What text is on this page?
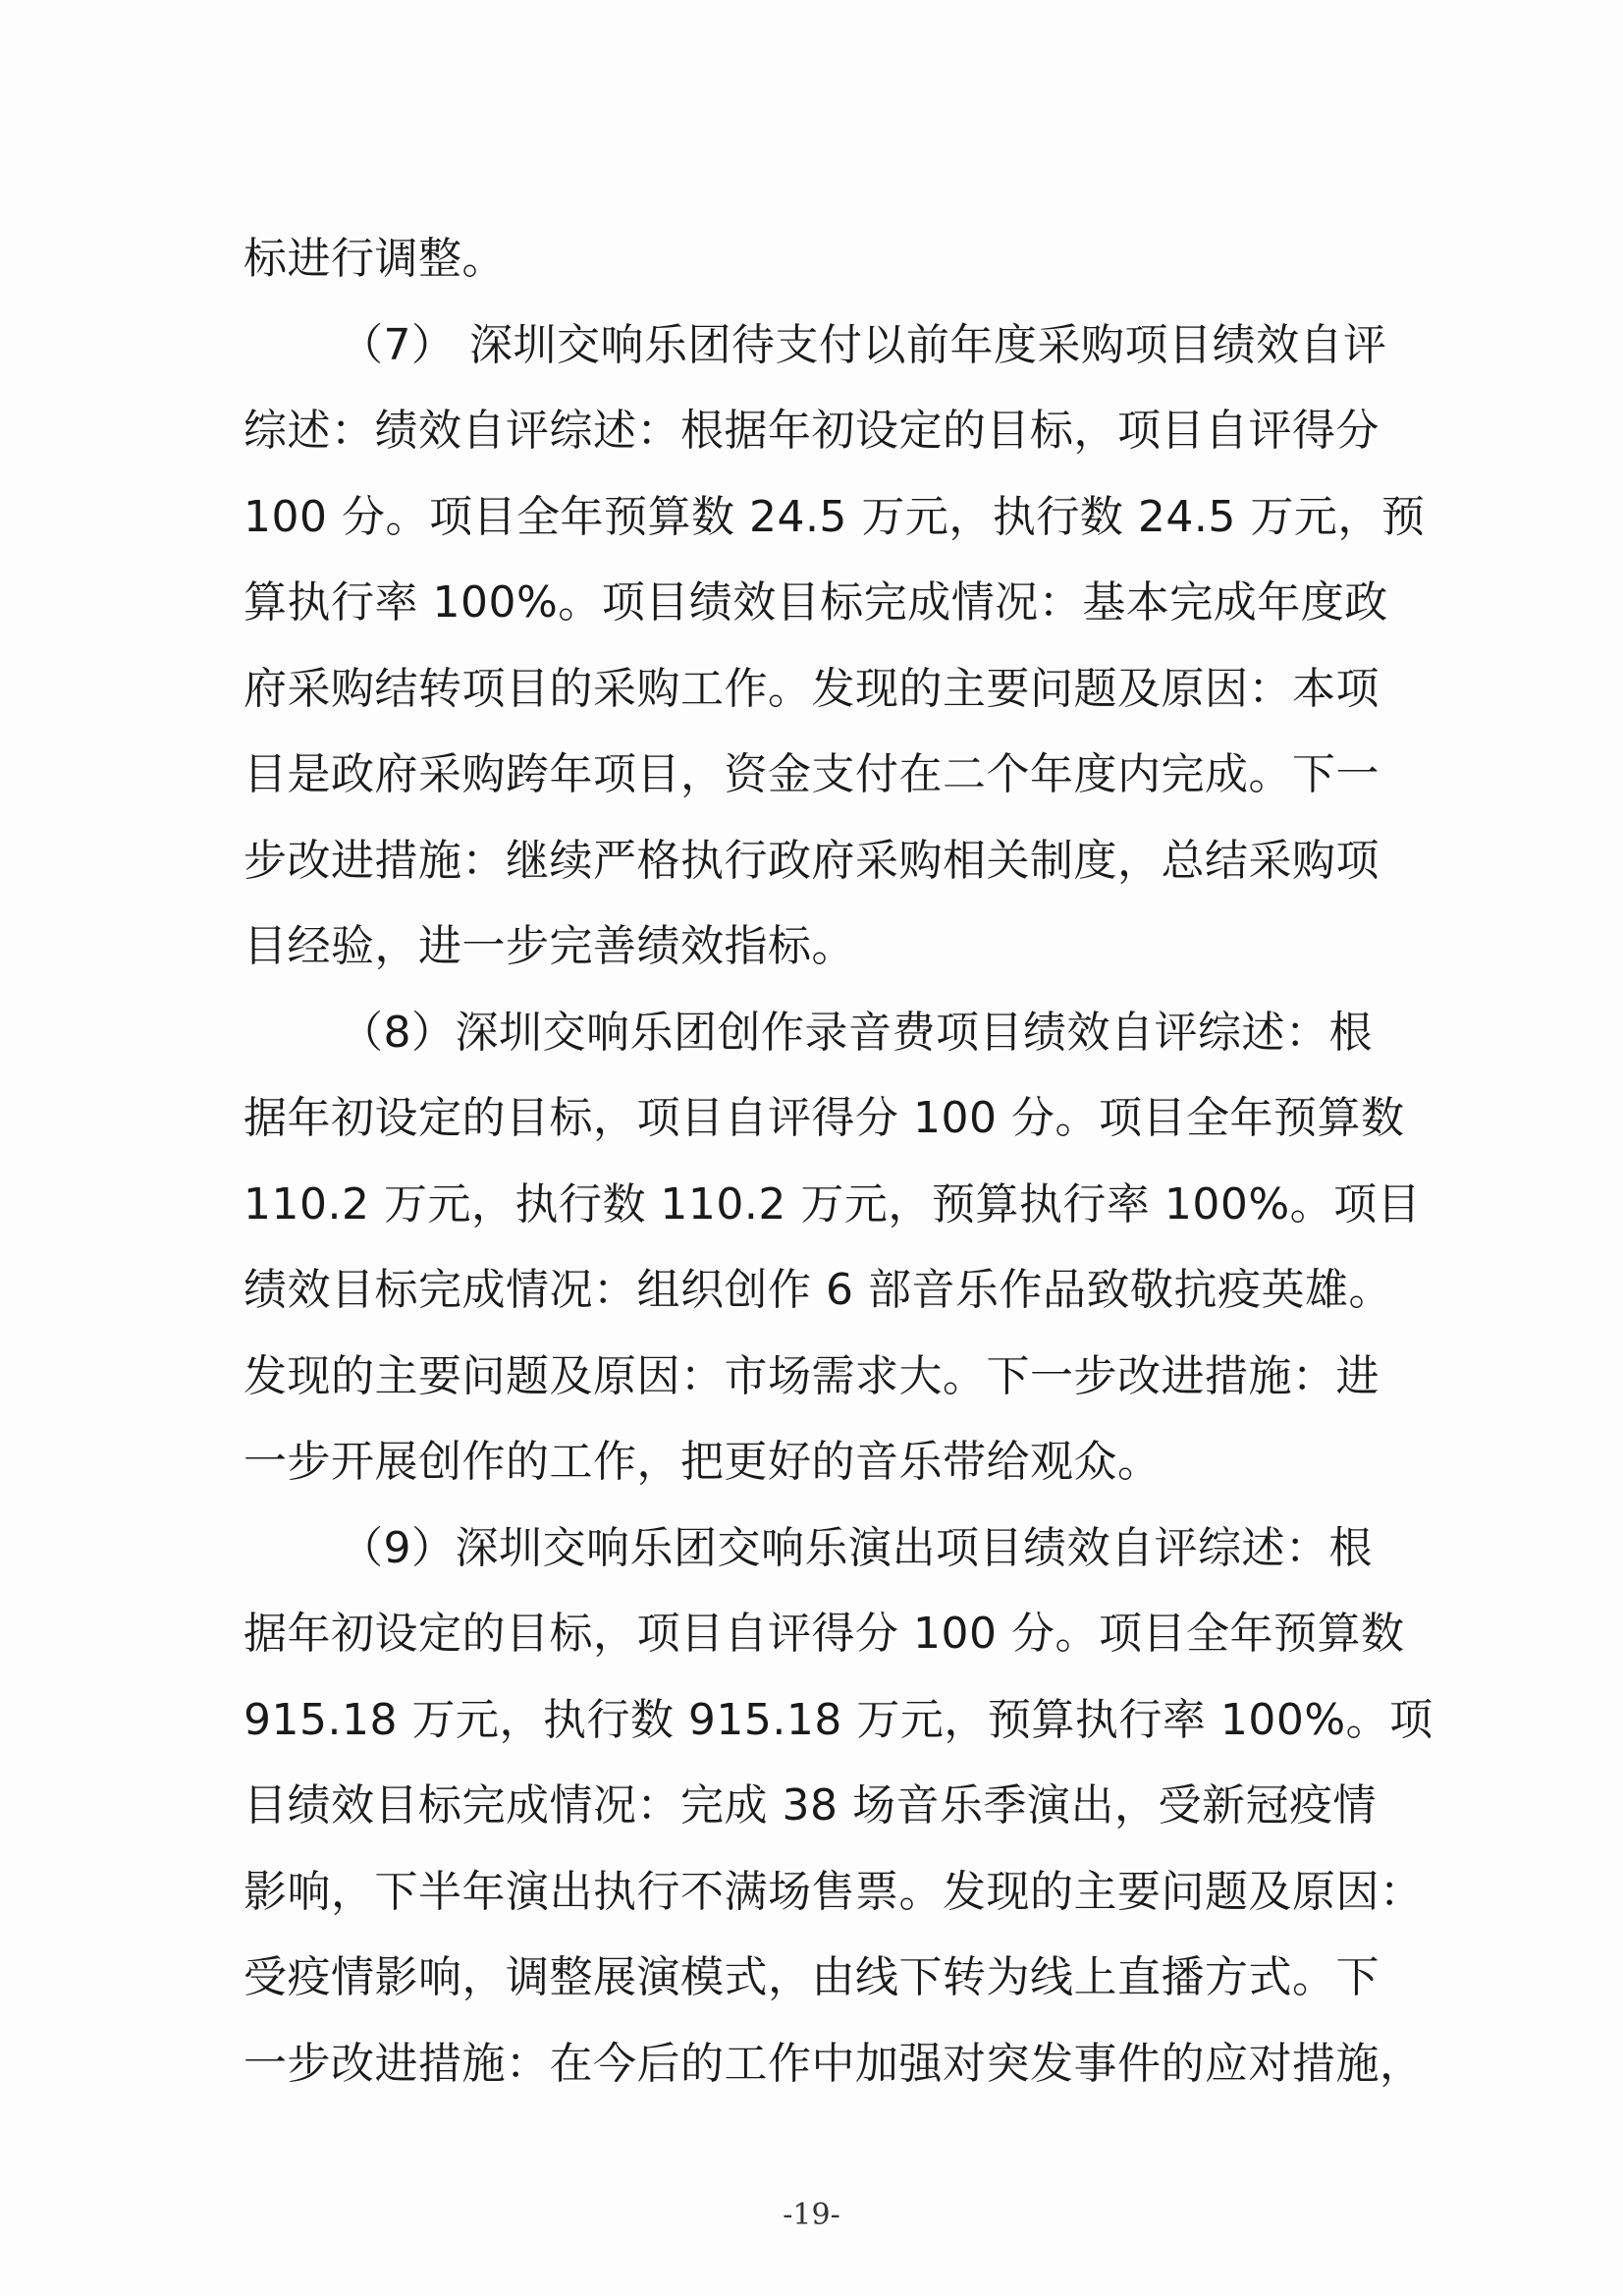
标进行调整。
（7） 深圳交响乐团待支付以前年度采购项目绩效自评
综述：绩效自评综述：根据年初设定的目标，项目自评得分
100 分。项目全年预算数 24.5 万元，执行数 24.5 万元，预
算执行率 100%。项目绩效目标完成情况：基本完成年度政
府采购结转项目的采购工作。发现的主要问题及原因：本项
目是政府采购跨年项目，资金支付在二个年度内完成。下一
步改进措施：继续严格执行政府采购相关制度，总结采购项
目经验，进一步完善绩效指标。
（8）深圳交响乐团创作录音费项目绩效自评综述：根
据年初设定的目标，项目自评得分 100 分。项目全年预算数
110.2 万元，执行数 110.2 万元，预算执行率 100%。项目
绩效目标完成情况：组织创作 6 部音乐作品致敬抗疫英雄。
发现的主要问题及原因：市场需求大。下一步改进措施：进
一步开展创作的工作，把更好的音乐带给观众。
（9）深圳交响乐团交响乐演出项目绩效自评综述：根
据年初设定的目标，项目自评得分 100 分。项目全年预算数
915.18 万元，执行数 915.18 万元，预算执行率 100%。项
目绩效目标完成情况：完成 38 场音乐季演出，受新冠疫情
影响，下半年演出执行不满场售票。发现的主要问题及原因：
受疫情影响，调整展演模式，由线下转为线上直播方式。下
一步改进措施：在今后的工作中加强对突发事件的应对措施，
-19-
